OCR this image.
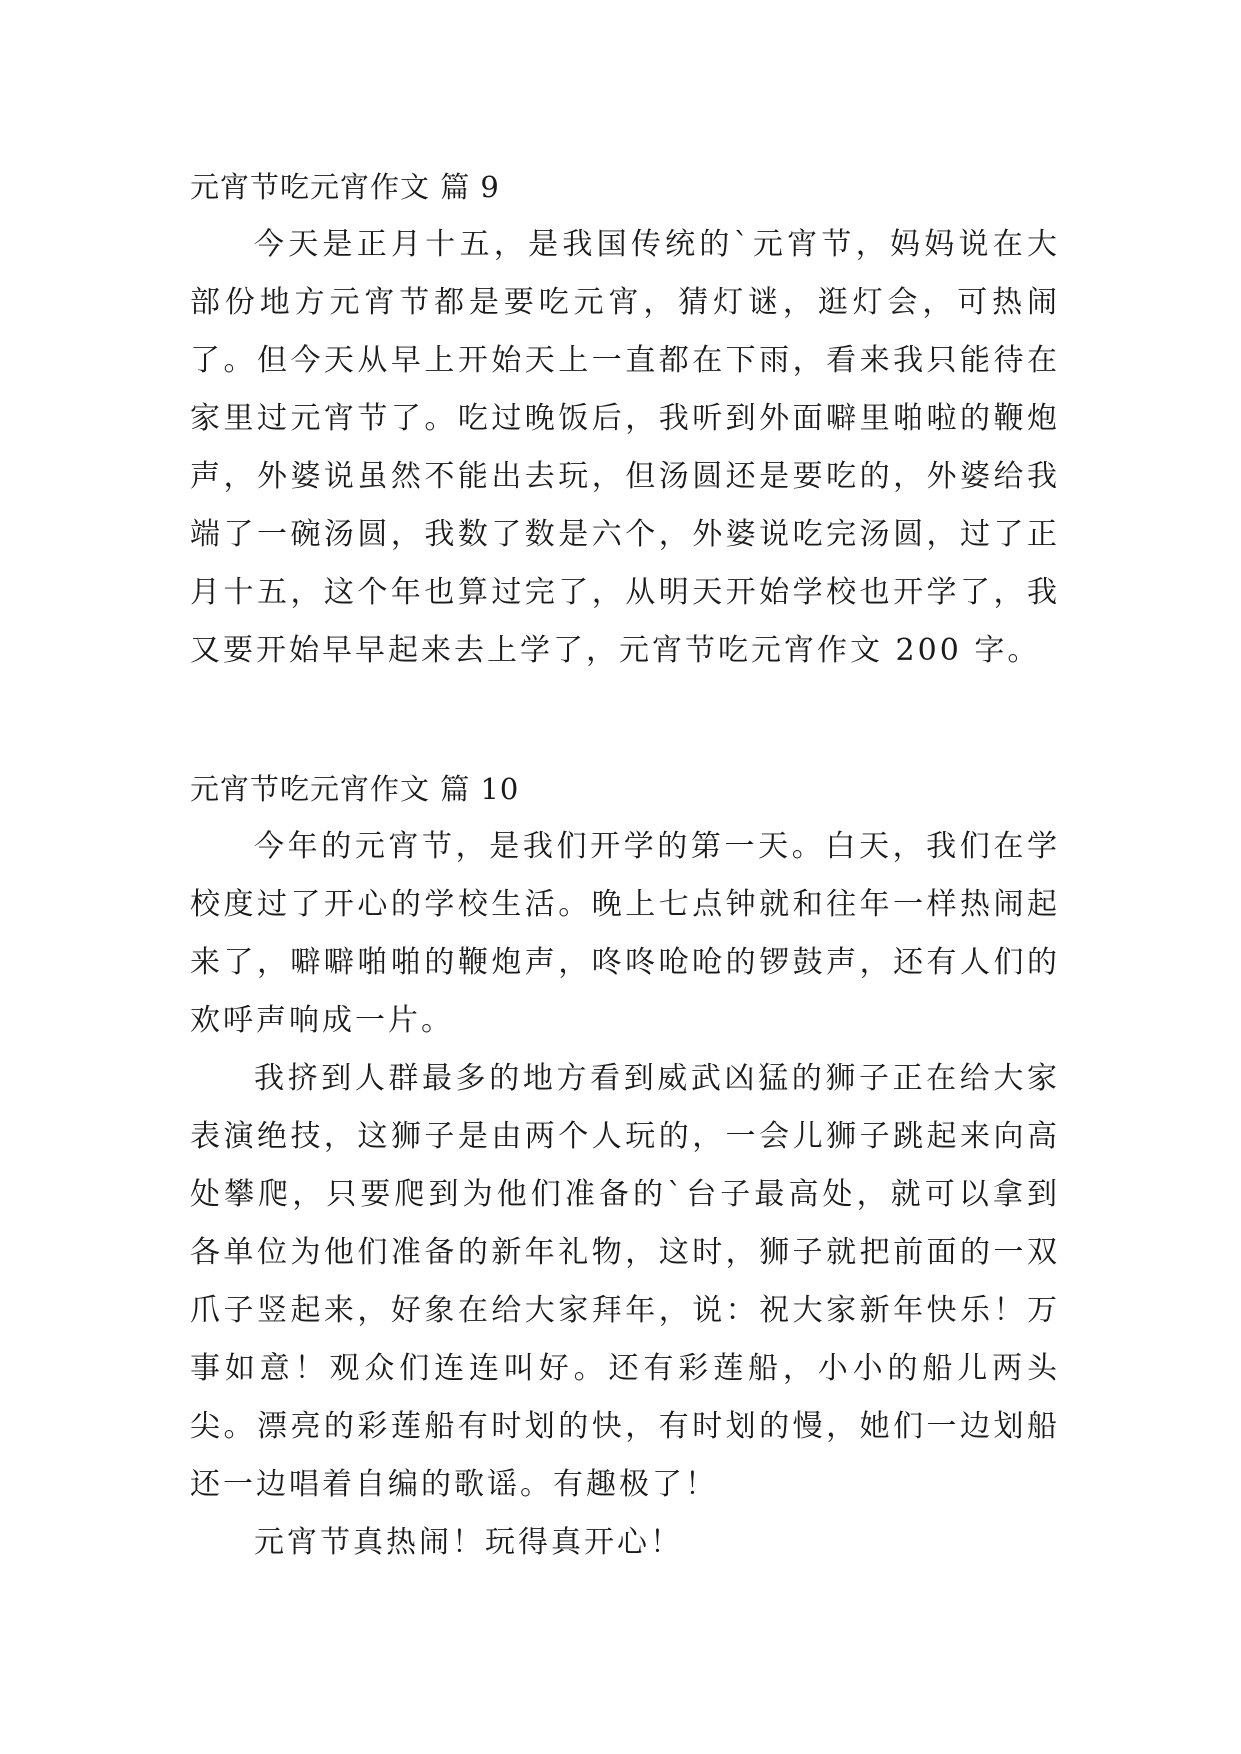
元宵节吃元宵作文 篇 9

今天是正月十五，是我国传统的`元宵节，妈妈说在大部份地方元宵节都是要吃元宵，猜灯谜，逛灯会，可热闹了。但今天从早上开始天上一直都在下雨，看来我只能待在家里过元宵节了。吃过晚饭后，我听到外面噼里啪啦的鞭炮声，外婆说虽然不能出去玩，但汤圆还是要吃的，外婆给我端了一碗汤圆，我数了数是六个，外婆说吃完汤圆，过了正月十五，这个年也算过完了，从明天开始学校也开学了，我又要开始早早起来去上学了，元宵节吃元宵作文 200 字。

元宵节吃元宵作文 篇 10

今年的元宵节，是我们开学的第一天。白天，我们在学校度过了开心的学校生活。晚上七点钟就和往年一样热闹起来了，噼噼啪啪的鞭炮声，咚咚呛呛的锣鼓声，还有人们的欢呼声响成一片。

我挤到人群最多的地方看到威武凶猛的狮子正在给大家表演绝技，这狮子是由两个人玩的，一会儿狮子跳起来向高处攀爬，只要爬到为他们准备的`台子最高处，就可以拿到各单位为他们准备的新年礼物，这时，狮子就把前面的一双爪子竖起来，好象在给大家拜年，说：祝大家新年快乐！万事如意！观众们连连叫好。还有彩莲船，小小的船儿两头尖。漂亮的彩莲船有时划的快，有时划的慢，她们一边划船还一边唱着自编的歌谣。有趣极了！

元宵节真热闹！玩得真开心！
